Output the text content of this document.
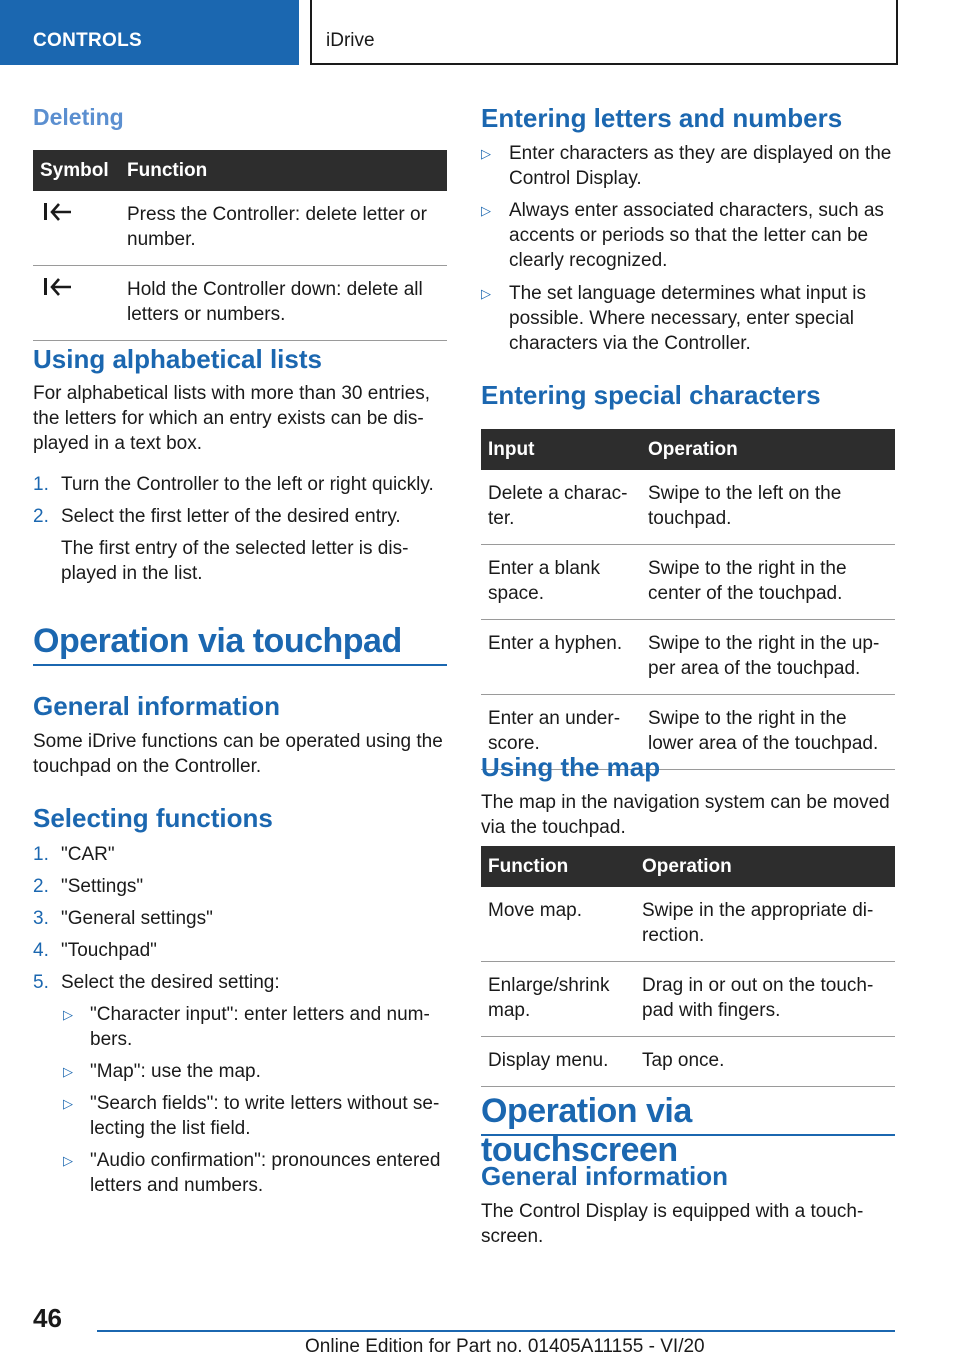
CONTROLS	iDrive
Deleting
Symbol	Function

	Press the Controller: delete letter or number.

	Hold the Controller down: delete all letters or numbers.
Using alphabetical lists
For alphabetical lists with more than 30 entries, the letters for which an entry exists can be displayed in a text box.
1. Turn the Controller to the left or right quickly.
2. Select the first letter of the desired entry.
The first entry of the selected letter is displayed in the list.
Operation via touchpad
General information
Some iDrive functions can be operated using the touchpad on the Controller.
Selecting functions
1. "CAR"
2. "Settings"
3. "General settings"
4. "Touchpad"
5. Select the desired setting:
▷ "Character input": enter letters and numbers.
▷ "Map": use the map.
▷ "Search fields": to write letters without selecting the list field.
▷ "Audio confirmation": pronounces entered letters and numbers.
Entering letters and numbers
▷ Enter characters as they are displayed on the Control Display.
▷ Always enter associated characters, such as accents or periods so that the letter can be clearly recognized.
▷ The set language determines what input is possible. Where necessary, enter special characters via the Controller.
Entering special characters
Input	Operation
Delete a character.	Swipe to the left on the touchpad.
Enter a blank space.	Swipe to the right in the center of the touchpad.
Enter a hyphen.	Swipe to the right in the upper area of the touchpad.
Enter an underscore.	Swipe to the right in the lower area of the touchpad.
Using the map
The map in the navigation system can be moved via the touchpad.
Function	Operation
Move map.	Swipe in the appropriate direction.
Enlarge/shrink map.	Drag in or out on the touchpad with fingers.
Display menu.	Tap once.
Operation via touchscreen
General information
The Control Display is equipped with a touchscreen.
46
Online Edition for Part no. 01405A11155 - VI/20
